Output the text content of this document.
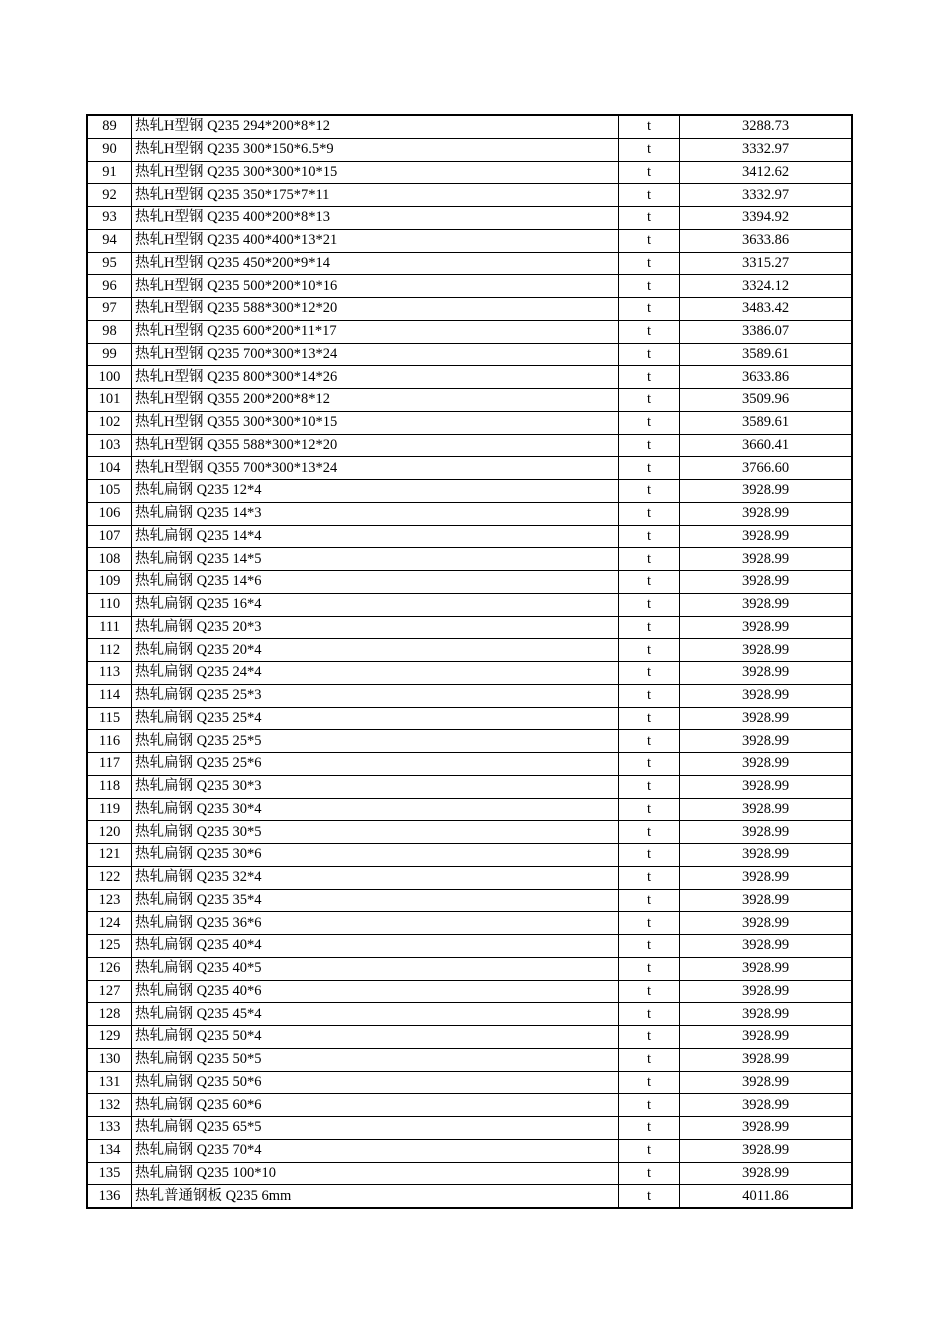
89	热轧H型钢 Q235 294*200*8*12	t	3288.73
90	热轧H型钢 Q235 300*150*6.5*9	t	3332.97
91	热轧H型钢 Q235 300*300*10*15	t	3412.62
92	热轧H型钢 Q235 350*175*7*11	t	3332.97
93	热轧H型钢 Q235 400*200*8*13	t	3394.92
94	热轧H型钢 Q235 400*400*13*21	t	3633.86
95	热轧H型钢 Q235 450*200*9*14	t	3315.27
96	热轧H型钢 Q235 500*200*10*16	t	3324.12
97	热轧H型钢 Q235 588*300*12*20	t	3483.42
98	热轧H型钢 Q235 600*200*11*17	t	3386.07
99	热轧H型钢 Q235 700*300*13*24	t	3589.61
100	热轧H型钢 Q235 800*300*14*26	t	3633.86
101	热轧H型钢 Q355 200*200*8*12	t	3509.96
102	热轧H型钢 Q355 300*300*10*15	t	3589.61
103	热轧H型钢 Q355 588*300*12*20	t	3660.41
104	热轧H型钢 Q355 700*300*13*24	t	3766.60
105	热轧扁钢 Q235 12*4	t	3928.99
106	热轧扁钢 Q235 14*3	t	3928.99
107	热轧扁钢 Q235 14*4	t	3928.99
108	热轧扁钢 Q235 14*5	t	3928.99
109	热轧扁钢 Q235 14*6	t	3928.99
110	热轧扁钢 Q235 16*4	t	3928.99
111	热轧扁钢 Q235 20*3	t	3928.99
112	热轧扁钢 Q235 20*4	t	3928.99
113	热轧扁钢 Q235 24*4	t	3928.99
114	热轧扁钢 Q235 25*3	t	3928.99
115	热轧扁钢 Q235 25*4	t	3928.99
116	热轧扁钢 Q235 25*5	t	3928.99
117	热轧扁钢 Q235 25*6	t	3928.99
118	热轧扁钢 Q235 30*3	t	3928.99
119	热轧扁钢 Q235 30*4	t	3928.99
120	热轧扁钢 Q235 30*5	t	3928.99
121	热轧扁钢 Q235 30*6	t	3928.99
122	热轧扁钢 Q235 32*4	t	3928.99
123	热轧扁钢 Q235 35*4	t	3928.99
124	热轧扁钢 Q235 36*6	t	3928.99
125	热轧扁钢 Q235 40*4	t	3928.99
126	热轧扁钢 Q235 40*5	t	3928.99
127	热轧扁钢 Q235 40*6	t	3928.99
128	热轧扁钢 Q235 45*4	t	3928.99
129	热轧扁钢 Q235 50*4	t	3928.99
130	热轧扁钢 Q235 50*5	t	3928.99
131	热轧扁钢 Q235 50*6	t	3928.99
132	热轧扁钢 Q235 60*6	t	3928.99
133	热轧扁钢 Q235 65*5	t	3928.99
134	热轧扁钢 Q235 70*4	t	3928.99
135	热轧扁钢 Q235 100*10	t	3928.99
136	热轧普通钢板 Q235 6mm	t	4011.86
